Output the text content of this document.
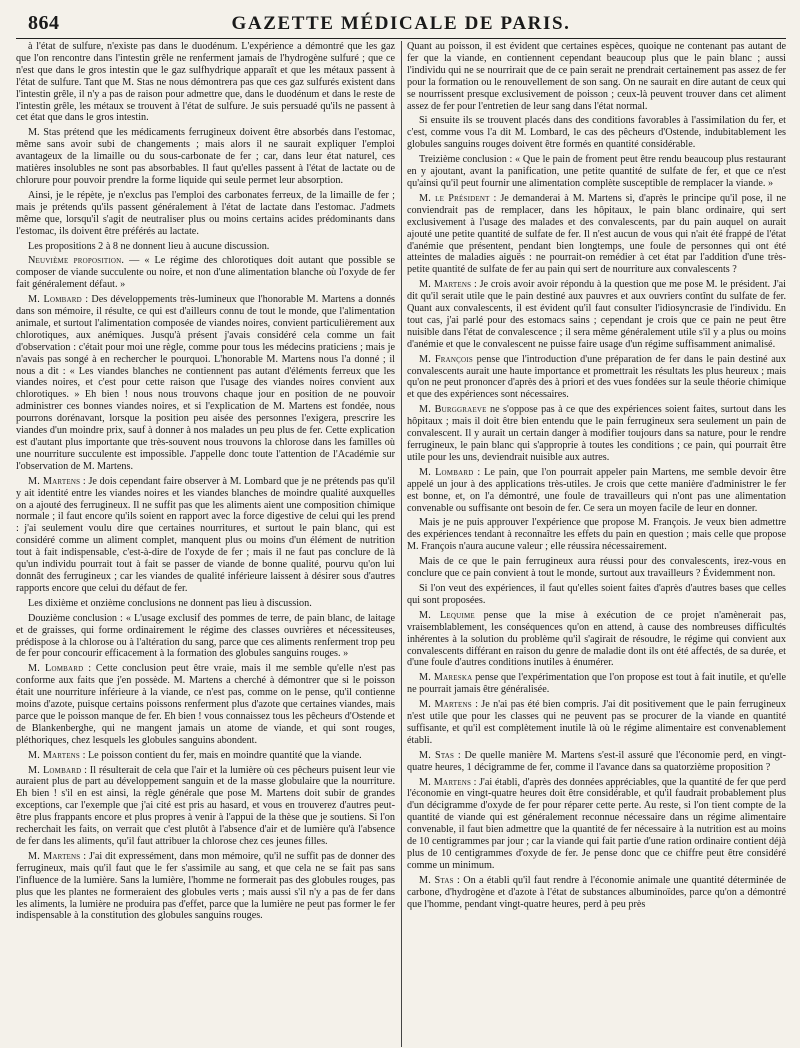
864	GAZETTE MÉDICALE DE PARIS.

à l'état de sulfure, n'existe pas dans le duodénum. L'expérience a démontré que les gaz que l'on rencontre dans l'intestin grêle ne renferment jamais de l'hydrogène sulfuré ; que ce n'est que dans le gros intestin que le gaz sulfhydrique apparaît et que les métaux passent à l'état de sulfure. Tant que M. Stas ne nous démontrera pas que ces gaz sulfurés existent dans l'intestin grêle, il n'y a pas de raison pour admettre que, dans le duodénum et dans le reste de l'intestin grêle, les métaux se trouvent à l'état de sulfure. Je suis persuadé qu'ils ne passent à cet état que dans le gros intestin.

M. Stas prétend que les médicaments ferrugineux doivent être absorbés dans l'estomac, même sans avoir subi de changements ; mais alors il ne saurait expliquer l'emploi avantageux de la limaille ou du sous-carbonate de fer ; car, dans leur état naturel, ces matières insolubles ne sont pas absorbables. Il faut qu'elles passent à l'état de lactate ou de chlorure pour pouvoir prendre la forme liquide qui seule permet leur absorption.

Ainsi, je le répète, je n'exclus pas l'emploi des carbonates ferreux, de la limaille de fer ; mais je prétends qu'ils passent généralement à l'état de lactate dans l'estomac. J'admets même que, lorsqu'il s'agit de neutraliser plus ou moins certains acides prédominants dans l'estomac, ils doivent être préférés au lactate.

Les propositions 2 à 8 ne donnent lieu à aucune discussion.

Neuvième proposition. — « Le régime des chlorotiques doit autant que possible se composer de viande succulente ou noire, et non d'une alimentation blanche où l'oxyde de fer fait généralement défaut. »

M. Lombard : Des développements très-lumineux que l'honorable M. Martens a donnés dans son mémoire, il résulte, ce qui est d'ailleurs connu de tout le monde, que l'alimentation animale, et surtout l'alimentation composée de viandes noires, convient particulièrement aux chlorotiques, aux anémiques. Jusqu'à présent j'avais considéré cela comme un fait d'observation : c'était pour moi une règle, comme pour tous les médecins praticiens ; mais je n'avais pas songé à en rechercher le pourquoi. L'honorable M. Martens nous l'a donné ; il nous a dit : « Les viandes blanches ne contiennent pas autant d'éléments ferreux que les viandes noires, et c'est pour cette raison que l'usage des viandes noires convient aux chlorotiques. » Eh bien ! nous nous trouvons chaque jour en position de ne pouvoir administrer ces bonnes viandes noires, et si l'explication de M. Martens est fondée, nous pourrons dorénavant, lorsque la position peu aisée des personnes l'exigera, prescrire les viandes d'un moindre prix, sauf à donner à nos malades un peu plus de fer. Cette explication est d'autant plus importante que très-souvent nous trouvons la chlorose dans les familles où une nourriture succulente est impossible. J'appelle donc toute l'attention de l'Académie sur l'observation de M. Martens.

M. Martens : Je dois cependant faire observer à M. Lombard que je ne prétends pas qu'il y ait identité entre les viandes noires et les viandes blanches de moindre qualité auxquelles on a ajouté des ferrugineux. Il ne suffit pas que les aliments aient une composition chimique normale ; il faut encore qu'ils soient en rapport avec la force digestive de celui qui les prend : j'ai seulement voulu dire que certaines nourritures, et surtout le pain blanc, qui est considéré comme un aliment complet, manquent plus ou moins d'un élément de nutrition tout à fait indispensable, c'est-à-dire de l'oxyde de fer ; mais il ne faut pas conclure de là qu'un individu pourrait tout à fait se passer de viande de bonne qualité, pourvu qu'on lui donnât des ferrugineux ; car les viandes de qualité inférieure laissent à désirer sous d'autres rapports encore que celui du défaut de fer.

Les dixième et onzième conclusions ne donnent pas lieu à discussion.

Douzième conclusion : « L'usage exclusif des pommes de terre, de pain blanc, de laitage et de graisses, qui forme ordinairement le régime des classes ouvrières et nécessiteuses, prédispose à la chlorose ou à l'altération du sang, parce que ces aliments renferment trop peu de fer pour concourir efficacement à la formation des globules sanguins rouges. »

M. Lombard : Cette conclusion peut être vraie, mais il me semble qu'elle n'est pas conforme aux faits que j'en possède. M. Martens a cherché à démontrer que si le poisson était une nourriture inférieure à la viande, ce n'est pas, comme on le pense, qu'il contienne moins d'azote, puisque certains poissons renferment plus d'azote que certaines viandes, mais parce que le poisson manque de fer. Eh bien ! vous connaissez tous les pêcheurs d'Ostende et de Blankenberghe, qui ne mangent jamais un atome de viande, et qui sont rouges, pléthoriques, chez lesquels les globules sanguins abondent.

M. Martens : Le poisson contient du fer, mais en moindre quantité que la viande.

M. Lombard : Il résulterait de cela que l'air et la lumière où ces pêcheurs puisent leur vie auraient plus de part au développement sanguin et de la masse globulaire que la nourriture. Eh bien ! s'il en est ainsi, la règle générale que pose M. Martens doit subir de grandes exceptions, car l'exemple que j'ai cité est pris au hasard, et vous en trouverez d'autres peut-être plus frappants encore et plus propres à venir à l'appui de la thèse que je soutiens. Si l'on recherchait les faits, on verrait que c'est plutôt à l'absence d'air et de lumière qu'à l'absence de fer dans les aliments, qu'il faut attribuer la chlorose chez ces jeunes filles.

M. Martens : J'ai dit expressément, dans mon mémoire, qu'il ne suffit pas de donner des ferrugineux, mais qu'il faut que le fer s'assimile au sang, et que cela ne se fait pas sans l'influence de la lumière. Sans la lumière, l'homme ne formerait pas des globules rouges, pas plus que les plantes ne formeraient des globules verts ; mais aussi s'il n'y a pas de fer dans les aliments, la lumière ne produira pas d'effet, parce que la lumière ne peut pas former le fer indispensable à la constitution des globules sanguins rouges.

Quant au poisson, il est évident que certaines espèces, quoique ne contenant pas autant de fer que la viande, en contiennent cependant beaucoup plus que le pain blanc ; aussi l'individu qui ne se nourrirait que de ce pain serait ne prendrait certainement pas assez de fer pour la formation ou le renouvellement de son sang. On ne saurait en dire autant de ceux qui se nourrissent presque exclusivement de poisson ; ceux-là peuvent trouver dans cet aliment assez de fer pour l'entretien de leur sang dans l'état normal.

Si ensuite ils se trouvent placés dans des conditions favorables à l'assimilation du fer, et c'est, comme vous l'a dit M. Lombard, le cas des pêcheurs d'Ostende, indubitablement les globules sanguins rouges doivent être formés en quantité considérable.

Treizième conclusion : « Que le pain de froment peut être rendu beaucoup plus restaurant en y ajoutant, avant la panification, une petite quantité de sulfate de fer, et que ce n'est qu'ainsi qu'il peut fournir une alimentation complète susceptible de remplacer la viande. »

M. le Président : Je demanderai à M. Martens si, d'après le principe qu'il pose, il ne conviendrait pas de remplacer, dans les hôpitaux, le pain blanc ordinaire, qui sert exclusivement à l'usage des malades et des convalescents, par du pain auquel on aurait ajouté une petite quantité de sulfate de fer. Il n'est aucun de vous qui n'ait été frappé de l'état d'anémie que présentent, pendant bien longtemps, une foule de personnes qui ont été atteintes de maladies aiguës : ne pourrait-on remédier à cet état par l'addition d'une très-petite quantité de sulfate de fer au pain qui sert de nourriture aux convalescents ?

M. Martens : Je crois avoir avoir répondu à la question que me pose M. le président. J'ai dit qu'il serait utile que le pain destiné aux pauvres et aux ouvriers contînt du sulfate de fer. Quant aux convalescents, il est évident qu'il faut consulter l'idiosyncrasie de l'individu. En tout cas, j'ai parlé pour des estomacs sains ; cependant je crois que ce pain ne peut être nuisible dans l'état de convalescence ; il sera même généralement utile s'il y a plus ou moins d'anémie et que le convalescent ne puisse faire usage d'un régime suffisamment animalisé.

M. François pense que l'introduction d'une préparation de fer dans le pain destiné aux convalescents aurait une haute importance et promettrait les résultats les plus heureux ; mais qu'on ne peut prononcer d'après des à priori et des vues fondées sur la seule théorie chimique et que des expériences sont nécessaires.

M. Burggraeve ne s'oppose pas à ce que des expériences soient faites, surtout dans les hôpitaux ; mais il doit être bien entendu que le pain ferrugineux sera seulement un pain de convalescent. Il y aurait un certain danger à modifier toujours dans sa nature, pour le rendre ferrugineux, le pain blanc qui s'approprie à toutes les conditions ; ce pain, qui pourrait être utile pour les uns, deviendrait nuisible aux autres.

M. Lombard : Le pain, que l'on pourrait appeler pain Martens, me semble devoir être appelé un jour à des applications très-utiles. Je crois que cette manière d'administrer le fer est bonne, et, on l'a démontré, une foule de travailleurs qui n'ont pas une alimentation convenable ou suffisante ont besoin de fer. Ce sera un moyen facile de leur en donner.

Mais je ne puis approuver l'expérience que propose M. François. Je veux bien admettre des expériences tendant à reconnaître les effets du pain en question ; mais celle que propose M. François n'aura aucune valeur ; elle réussira nécessairement.

Mais de ce que le pain ferrugineux aura réussi pour des convalescents, irez-vous en conclure que ce pain convient à tout le monde, surtout aux travailleurs ? Évidemment non.

Si l'on veut des expériences, il faut qu'elles soient faites d'après d'autres bases que celles qui sont proposées.

M. Lequime pense que la mise à exécution de ce projet n'amènerait pas, vraisemblablement, les conséquences qu'on en attend, à cause des nombreuses difficultés inhérentes à la solution du problème qu'il s'agirait de résoudre, le régime qui convient aux convalescents différant en raison du genre de maladie dont ils ont été affectés, de sa durée, et d'une foule d'autres conditions inutiles à énumérer.

M. Mareska pense que l'expérimentation que l'on propose est tout à fait inutile, et qu'elle ne pourrait jamais être généralisée.

M. Martens : Je n'ai pas été bien compris. J'ai dit positivement que le pain ferrugineux n'est utile que pour les classes qui ne peuvent pas se procurer de la viande en quantité suffisante, et qu'il est complètement inutile là où le régime alimentaire est convenablement établi.

M. Stas : De quelle manière M. Martens s'est-il assuré que l'économie perd, en vingt-quatre heures, 1 décigramme de fer, comme il l'avance dans sa quatorzième proposition ?

M. Martens : J'ai établi, d'après des données appréciables, que la quantité de fer que perd l'économie en vingt-quatre heures doit être considérable, et qu'il faudrait probablement plus d'un décigramme d'oxyde de fer pour réparer cette perte. Au reste, si l'on tient compte de la quantité de viande qui est généralement reconnue nécessaire dans un régime alimentaire convenable, il faut bien admettre que la quantité de fer nécessaire à la nutrition est au moins de 10 centigrammes par jour ; car la viande qui fait partie d'une ration ordinaire contient déjà plus de 10 centigrammes d'oxyde de fer. Je pense donc que ce chiffre peut être considéré comme un minimum.

M. Stas : On a établi qu'il faut rendre à l'économie animale une quantité déterminée de carbone, d'hydrogène et d'azote à l'état de substances albuminoïdes, parce qu'on a démontré que l'homme, pendant vingt-quatre heures, perd à peu près
